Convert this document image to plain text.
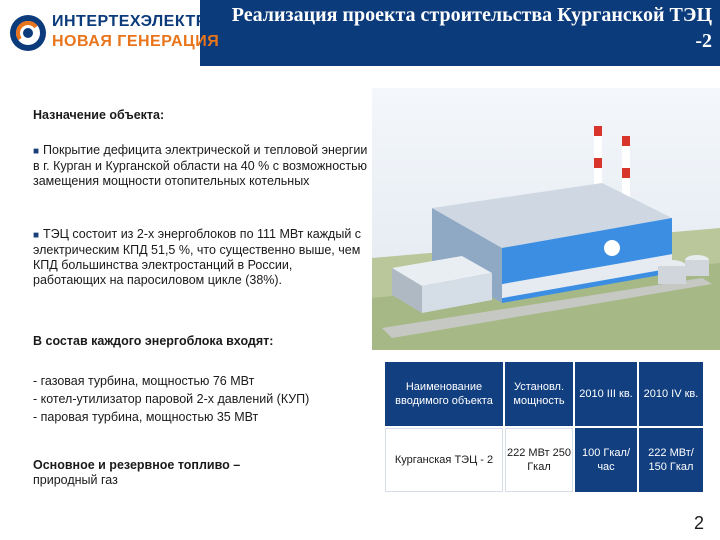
ИНТЕРТЕХЭЛЕКТРО
НОВАЯ ГЕНЕРАЦИЯ
Реализация проекта строительства Курганской ТЭЦ -2
Назначение объекта:
■ Покрытие дефицита электрической и тепловой энергии в г. Курган и Курганской области на 40 % с возможностью замещения мощности отопительных котельных
■ ТЭЦ состоит из 2-х энергоблоков по 111 МВт каждый с электрическим КПД 51,5 %, что существенно выше, чем КПД большинства электростанций в России, работающих на паросиловом цикле (38%).
В состав каждого энергоблока входят:
- газовая турбина, мощностью 76 МВт
- котел-утилизатор паровой 2-х давлений (КУП)
- паровая турбина, мощностью 35 МВт
Основное и резервное топливо –
природный газ
Наименование вводимого объекта
Установл. мощность
2010 III кв. 2010 IV кв.
Курганская ТЭЦ - 2
222 МВт 250 Гкал
100 Гкал/ час
222 МВт/ 150 Гкал
2
